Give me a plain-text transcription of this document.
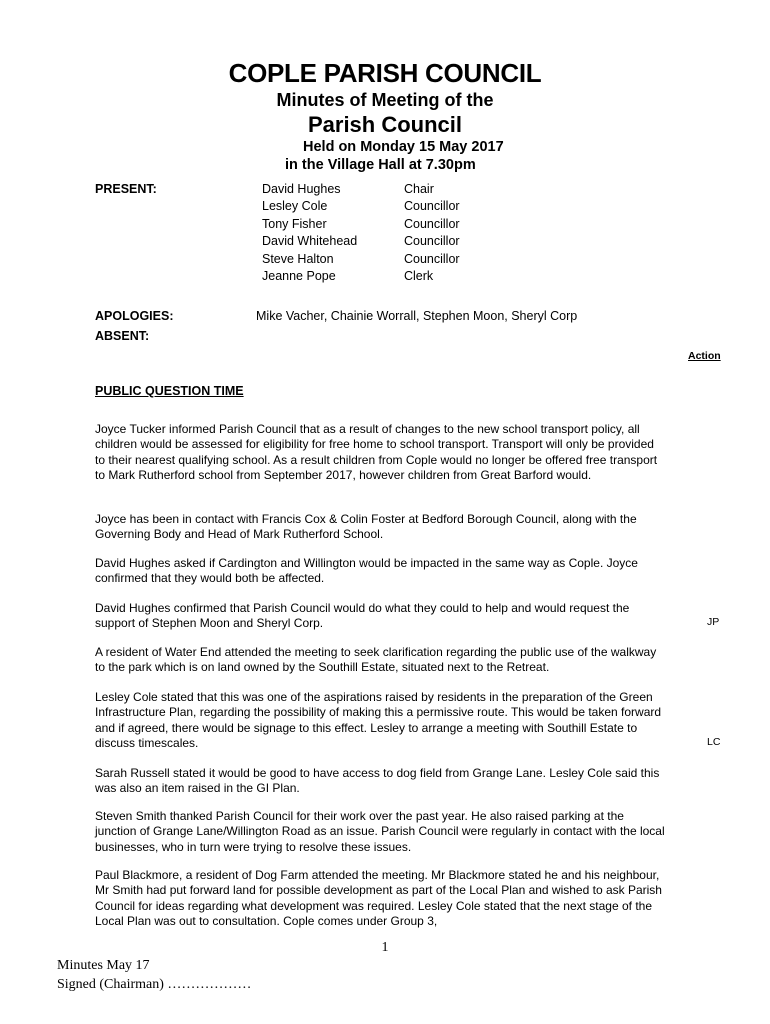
COPLE PARISH COUNCIL
Minutes of Meeting of the
Parish Council
Held on Monday 15 May 2017
in the Village Hall at 7.30pm
PRESENT:	David Hughes	Chair
Lesley Cole	Councillor
Tony Fisher	Councillor
David Whitehead	Councillor
Steve Halton	Councillor
Jeanne Pope	Clerk
APOLOGIES:	Mike Vacher, Chainie Worrall, Stephen Moon, Sheryl Corp
ABSENT:
Action
PUBLIC QUESTION TIME
Joyce Tucker informed Parish Council that as a result of changes to the new school transport policy, all children would be assessed for eligibility for free home to school transport. Transport will only be provided to their nearest qualifying school. As a result children from Cople would no longer be offered free transport to Mark Rutherford school from September 2017, however children from Great Barford would.
Joyce has been in contact with Francis Cox & Colin Foster at Bedford Borough Council, along with the Governing Body and Head of Mark Rutherford School.
David Hughes asked if Cardington and Willington would be impacted in the same way as Cople. Joyce confirmed that they would both be affected.
David Hughes confirmed that Parish Council would do what they could to help and would request the support of Stephen Moon and Sheryl Corp.
A resident of Water End attended the meeting to seek clarification regarding the public use of the walkway to the park which is on land owned by the Southill Estate, situated next to the Retreat.
Lesley Cole stated that this was one of the aspirations raised by residents in the preparation of the Green Infrastructure Plan, regarding the possibility of making this a permissive route. This would be taken forward and if agreed, there would be signage to this effect. Lesley to arrange a meeting with Southill Estate to discuss timescales.
Sarah Russell stated it would be good to have access to dog field from Grange Lane. Lesley Cole said this was also an item raised in the GI Plan.
Steven Smith thanked Parish Council for their work over the past year. He also raised parking at the junction of Grange Lane/Willington Road as an issue. Parish Council were regularly in contact with the local businesses, who in turn were trying to resolve these issues.
Paul Blackmore, a resident of Dog Farm attended the meeting. Mr Blackmore stated he and his neighbour, Mr Smith had put forward land for possible development as part of the Local Plan and wished to ask Parish Council for ideas regarding what development was required. Lesley Cole stated that the next stage of the Local Plan was out to consultation. Cople comes under Group 3,
JP
LC
1
Minutes May 17
Signed (Chairman) ………………
